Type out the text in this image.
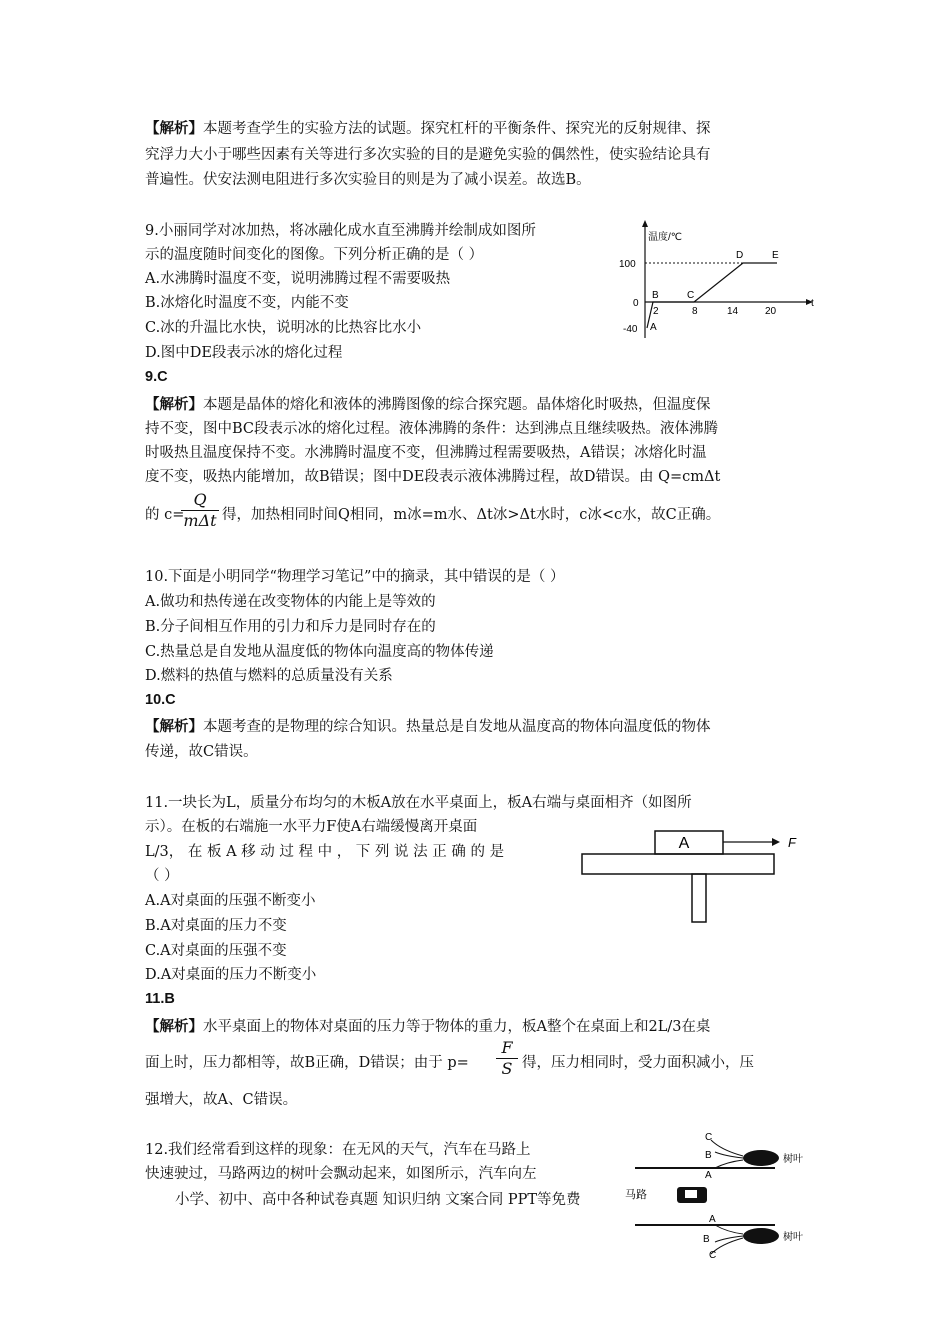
【解析】本题考查学生的实验方法的试题。探究杠杆的平衡条件、探究光的反射规律、探
究浮力大小于哪些因素有关等进行多次实验的目的是避免实验的偶然性，使实验结论具有
普遍性。伏安法测电阻进行多次实验目的则是为了减小误差。故选B。
9.小丽同学对冰加热，将冰融化成水直至沸腾并绘制成如图所
示的温度随时间变化的图像。下列分析正确的是（ ）
A.水沸腾时温度不变，说明沸腾过程不需要吸热
B.冰熔化时温度不变，内能不变
C.冰的升温比水快，说明冰的比热容比水小
D.图中DE段表示冰的熔化过程
9.C
温度/℃
100
0
-40
2	8	14	20
t
A
B	C
D	E
【解析】本题是晶体的熔化和液体的沸腾图像的综合探究题。晶体熔化时吸热，但温度保
持不变，图中BC段表示冰的熔化过程。液体沸腾的条件：达到沸点且继续吸热。液体沸腾
时吸热且温度保持不变。水沸腾时温度不变，但沸腾过程需要吸热，A错误；冰熔化时温
度不变，吸热内能增加，故B错误；图中DE段表示液体沸腾过程，故D错误。由 Q=cmΔt
的 c=
Q
mΔt 得，加热相同时间Q相同，m冰=m水、Δt冰>Δt水时，c冰<c水，故C正确。
10.下面是小明同学“物理学习笔记”中的摘录，其中错误的是（ ）
A.做功和热传递在改变物体的内能上是等效的
B.分子间相互作用的引力和斥力是同时存在的
C.热量总是自发地从温度低的物体向温度高的物体传递
D.燃料的热值与燃料的总质量没有关系
10.C
【解析】本题考查的是物理的综合知识。热量总是自发地从温度高的物体向温度低的物体
传递，故C错误。
11.一块长为L，质量分布均匀的木板A放在水平桌面上，板A右端与桌面相齐（如图所
示）。在板的右端施一水平力F使A右端缓慢离开桌面
L/3， 在 板 A 移 动 过 程 中 ， 下 列 说 法 正 确 的 是
（ ）
A.A对桌面的压强不断变小
B.A对桌面的压力不变
C.A对桌面的压强不变
D.A对桌面的压力不断变小
11.B
A	F
【解析】水平桌面上的物体对桌面的压力等于物体的重力，板A整个在桌面上和2L/3在桌
面上时，压力都相等，故B正确，D错误；由于 $p= \frac{F}{S}$ 得，压力相同时，受力面积减小，压
强增大，故A、C错误。
12.我们经常看到这样的现象：在无风的天气，汽车在马路上
快速驶过，马路两边的树叶会飘动起来，如图所示，汽车向左
小学、初中、高中各种试卷真题 知识归纳 文案合同 PPT等免费	马路
树叶
树叶
C
B
A
A
B
C
